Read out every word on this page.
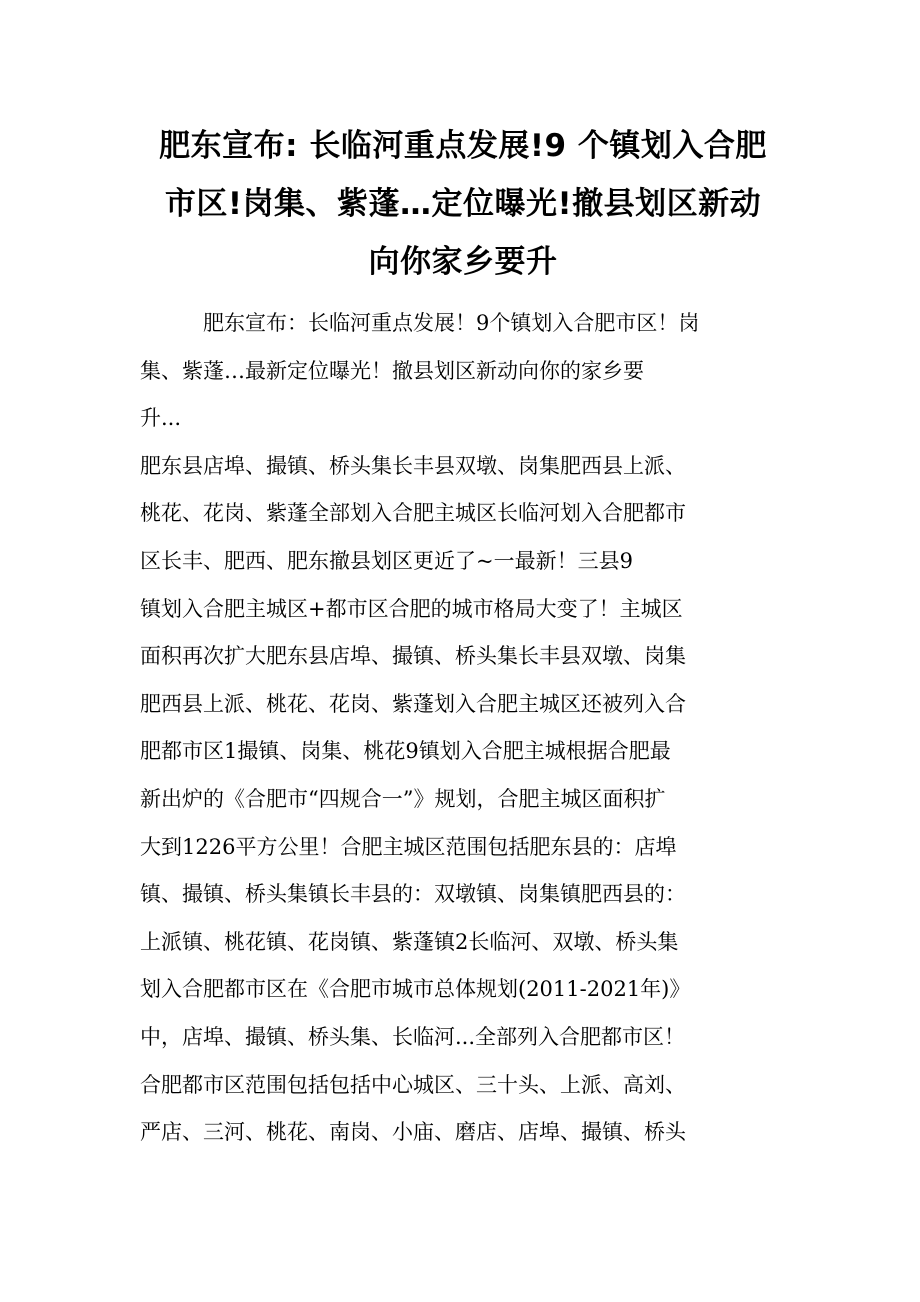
肥东宣布: 长临河重点发展!9 个镇划入合肥
市区!岗集、紫蓬…定位曝光!撤县划区新动
向你家乡要升
肥东宣布：长临河重点发展！9个镇划入合肥市区！岗
集、紫蓬…最新定位曝光！撤县划区新动向你的家乡要
升...
肥东县店埠、撮镇、桥头集长丰县双墩、岗集肥西县上派、
桃花、花岗、紫蓬全部划入合肥主城区长临河划入合肥都市
区长丰、肥西、肥东撤县划区更近了~一最新！三县9
镇划入合肥主城区+都市区合肥的城市格局大变了！主城区
面积再次扩大肥东县店埠、撮镇、桥头集长丰县双墩、岗集
肥西县上派、桃花、花岗、紫蓬划入合肥主城区还被列入合
肥都市区1撮镇、岗集、桃花9镇划入合肥主城根据合肥最
新出炉的《合肥市“四规合一”》规划，合肥主城区面积扩
大到1226平方公里！合肥主城区范围包括肥东县的：店埠
镇、撮镇、桥头集镇长丰县的：双墩镇、岗集镇肥西县的：
上派镇、桃花镇、花岗镇、紫蓬镇2长临河、双墩、桥头集
划入合肥都市区在《合肥市城市总体规划(2011-2021年)》
中，店埠、撮镇、桥头集、长临河...全部列入合肥都市区！
合肥都市区范围包括包括中心城区、三十头、上派、高刘、
严店、三河、桃花、南岗、小庙、磨店、店埠、撮镇、桥头
